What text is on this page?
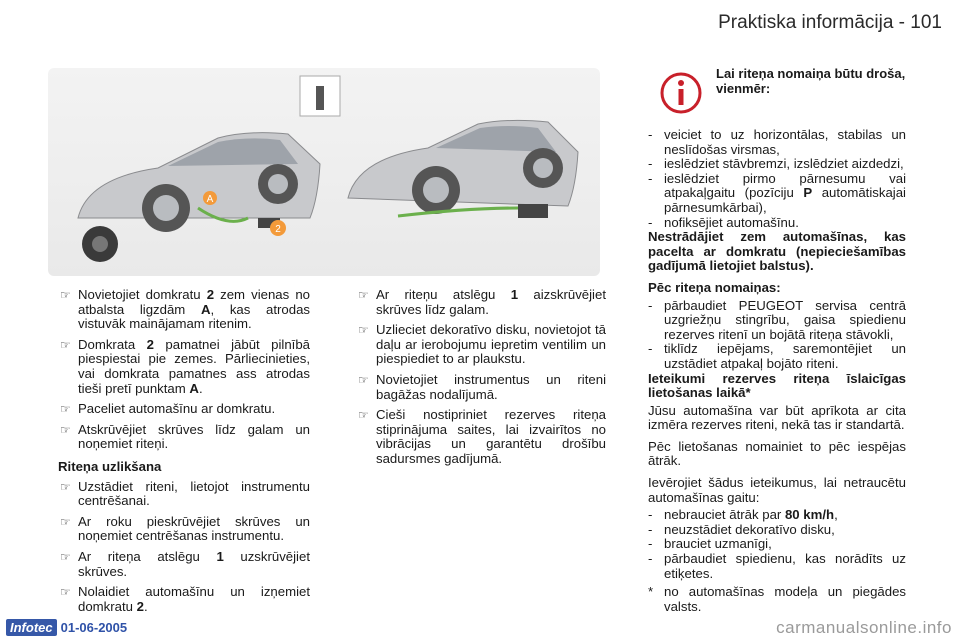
Praktiska informācija - 101
A
2
Lai riteņa nomaiņa būtu droša, vienmēr:
☞ Novietojiet domkratu 2 zem vienas no atbalsta ligzdām A, kas atrodas vistuvāk mainājamam ritenim.
☞ Domkrata 2 pamatnei jābūt pilnībā piespiestai pie zemes. Pārliecinieties, vai domkrata pamatnes ass atrodas tieši pretī punktam A.
☞ Paceliet automašīnu ar domkratu.
☞ Atskrūvējiet skrūves līdz galam un noņemiet riteņi.
Riteņa uzlikšana
☞ Uzstādiet riteni, lietojot instrumentu centrēšanai.
☞ Ar roku pieskrūvējiet skrūves un noņemiet centrēšanas instrumentu.
☞ Ar riteņa atslēgu 1 uzskrūvējiet skrūves.
☞ Nolaidiet automašīnu un izņemiet domkratu 2.
☞ Ar riteņu atslēgu 1 aizskrūvējiet skrūves līdz galam.
☞ Uzlieciet dekoratīvo disku, novietojot tā daļu ar ierobojumu iepretim ventilim un piespiediet to ar plaukstu.
☞ Novietojiet instrumentus un riteni bagāžas nodalījumā.
☞ Cieši nostipriniet rezerves riteņa stiprinājuma saites, lai izvairītos no vibrācijas un garantētu drošību sadursmes gadījumā.
- veiciet to uz horizontālas, stabilas un neslīdošas virsmas,
- ieslēdziet stāvbremzi, izslēdziet aizdedzi,
- ieslēdziet pirmo pārnesumu vai atpakaļgaitu (pozīciju P automātiskajai pārnesumkārbai),
- nofiksējiet automašīnu.
Nestrādājiet zem automašīnas, kas pacelta ar domkratu (nepieciešamības gadījumā lietojiet balstus).
Pēc riteņa nomaiņas:
- pārbaudiet PEUGEOT servisa centrā uzgriežņu stingrību, gaisa spiedienu rezerves ritenī un bojātā riteņa stāvokli,
- tiklīdz iepējams, saremontējiet un uzstādiet atpakaļ bojāto riteni.
Ieteikumi rezerves riteņa īslaicīgas lietošanas laikā*
Jūsu automašīna var būt aprīkota ar cita izmēra rezerves riteni, nekā tas ir standartā.
Pēc lietošanas nomainiet to pēc iespējas ātrāk.
Ievērojiet šādus ieteikumus, lai netraucētu automašīnas gaitu:
- nebrauciet ātrāk par 80 km/h,
- neuzstādiet dekoratīvo disku,
- brauciet uzmanīgi,
- pārbaudiet spiedienu, kas norādīts uz etiķetes.
* no automašīnas modeļa un piegādes valsts.
Infotec 01-06-2005	carmanualsonline.info
